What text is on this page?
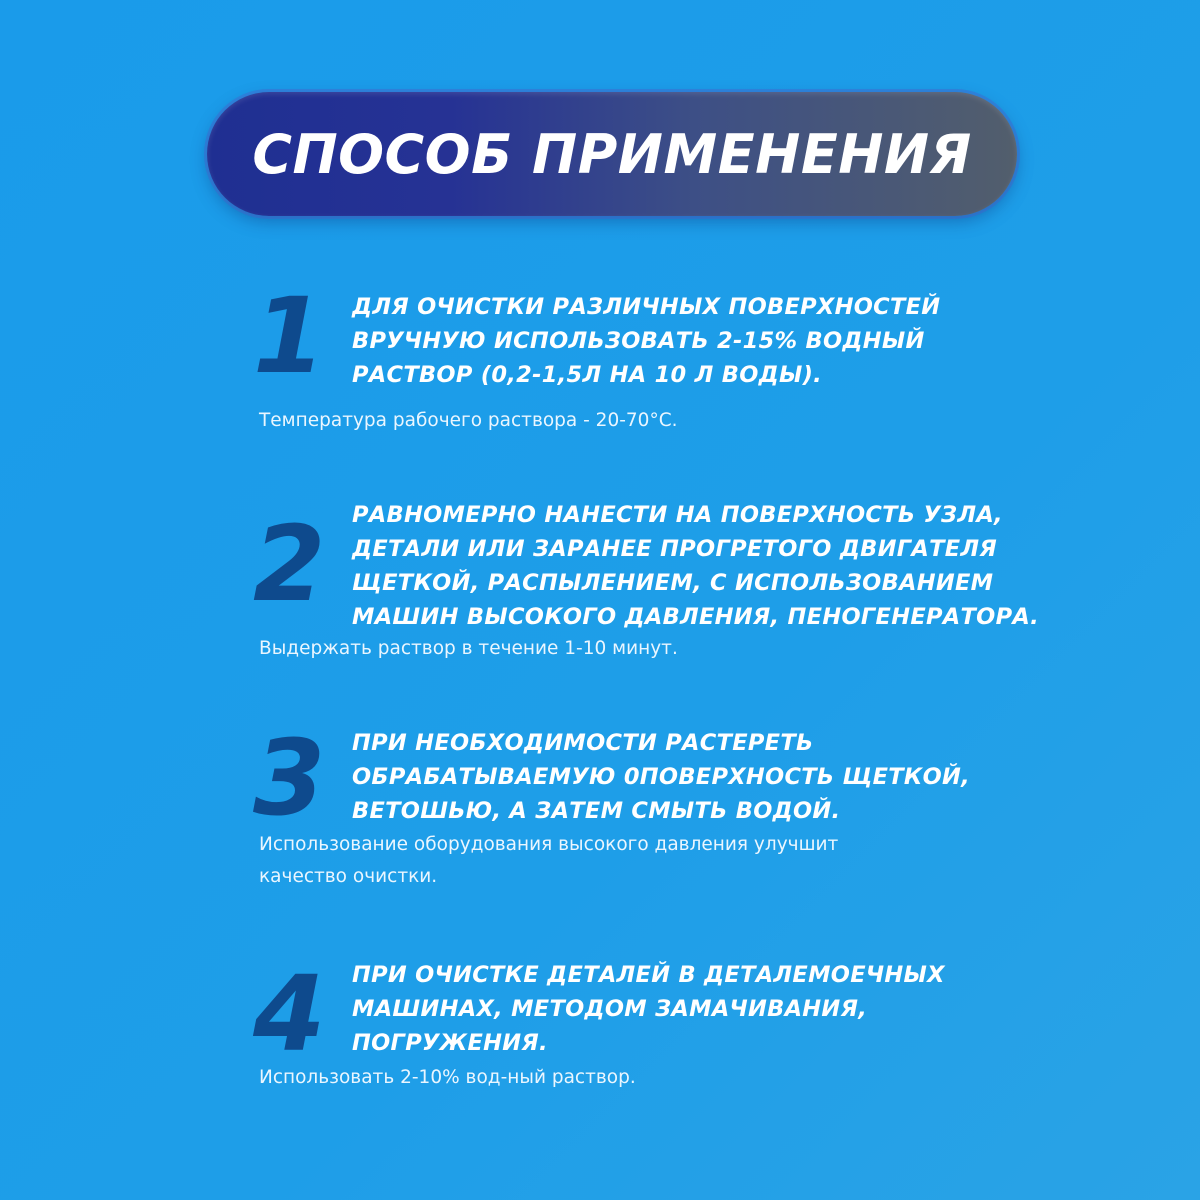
СПОСОБ ПРИМЕНЕНИЯ
1 ДЛЯ ОЧИСТКИ РАЗЛИЧНЫХ ПОВЕРХНОСТЕЙ
ВРУЧНУЮ ИСПОЛЬЗОВАТЬ 2-15% ВОДНЫЙ
РАСТВОР (0,2-1,5Л НА 10 Л ВОДЫ).
Температура рабочего раствора - 20-70°С.
2 РАВНОМЕРНО НАНЕСТИ НА ПОВЕРХНОСТЬ УЗЛА,
ДЕТАЛИ ИЛИ ЗАРАНЕЕ ПРОГРЕТОГО ДВИГАТЕЛЯ
ЩЕТКОЙ, РАСПЫЛЕНИЕМ, С ИСПОЛЬЗОВАНИЕМ
МАШИН ВЫСОКОГО ДАВЛЕНИЯ, ПЕНОГЕНЕРАТОРА.
Выдержать раствор в течение 1-10 минут.
3 ПРИ НЕОБХОДИМОСТИ РАСТЕРЕТЬ
ОБРАБАТЫВАЕМУЮ 0ПОВЕРХНОСТЬ ЩЕТКОЙ,
ВЕТОШЬЮ, А ЗАТЕМ СМЫТЬ ВОДОЙ.
Использование оборудования высокого давления улучшит
качество очистки.
4 ПРИ ОЧИСТКЕ ДЕТАЛЕЙ В ДЕТАЛЕМОЕЧНЫХ
МАШИНАХ, МЕТОДОМ ЗАМАЧИВАНИЯ,
ПОГРУЖЕНИЯ.
Использовать 2-10% вод-ный раствор.
